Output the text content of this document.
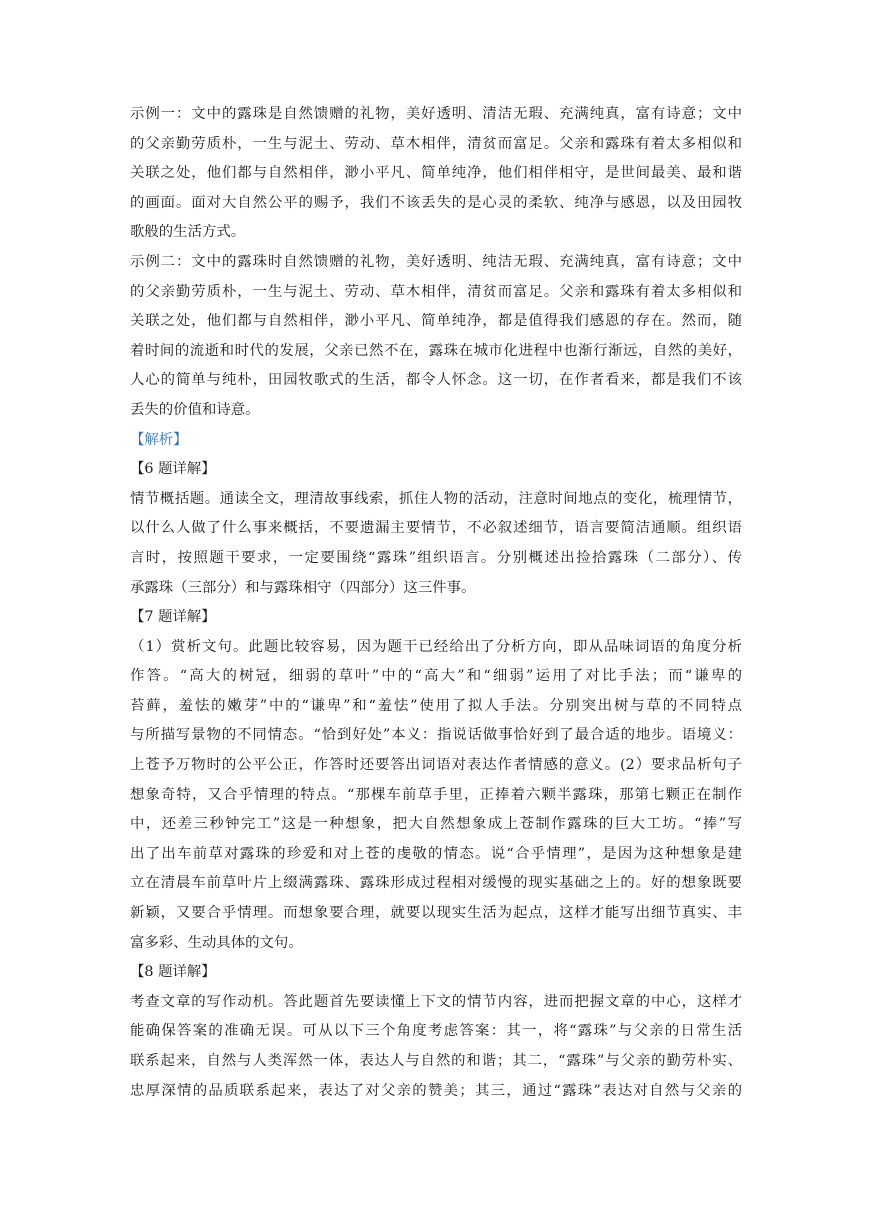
示例一：文中的露珠是自然馈赠的礼物，美好透明、清洁无瑕、充满纯真，富有诗意；文中
的父亲勤劳质朴，一生与泥土、劳动、草木相伴，清贫而富足。父亲和露珠有着太多相似和
关联之处，他们都与自然相伴，渺小平凡、简单纯净，他们相伴相守，是世间最美、最和谐
的画面。面对大自然公平的赐予，我们不该丢失的是心灵的柔软、纯净与感恩，以及田园牧
歌般的生活方式。
示例二：文中的露珠时自然馈赠的礼物，美好透明、纯洁无瑕、充满纯真，富有诗意；文中
的父亲勤劳质朴，一生与泥土、劳动、草木相伴，清贫而富足。父亲和露珠有着太多相似和
关联之处，他们都与自然相伴，渺小平凡、简单纯净，都是值得我们感恩的存在。然而，随
着时间的流逝和时代的发展，父亲已然不在，露珠在城市化进程中也渐行渐远，自然的美好，
人心的简单与纯朴，田园牧歌式的生活，都令人怀念。这一切，在作者看来，都是我们不该
丢失的价值和诗意。
【解析】
【6 题详解】
情节概括题。通读全文，理清故事线索，抓住人物的活动，注意时间地点的变化，梳理情节，
以什么人做了什么事来概括，不要遗漏主要情节，不必叙述细节，语言要简洁通顺。组织语
言时，按照题干要求，一定要围绕“露珠”组织语言。分别概述出捡拾露珠（二部分）、传
承露珠（三部分）和与露珠相守（四部分）这三件事。
【7 题详解】
（1）赏析文句。此题比较容易，因为题干已经给出了分析方向，即从品味词语的角度分析
作答。“高大的树冠，细弱的草叶”中的“高大”和“细弱”运用了对比手法；而“谦卑的
苔藓，羞怯的嫩芽”中的“谦卑”和“羞怯”使用了拟人手法。分别突出树与草的不同特点
与所描写景物的不同情态。“恰到好处”本义：指说话做事恰好到了最合适的地步。语境义：
上苍予万物时的公平公正，作答时还要答出词语对表达作者情感的意义。(2）要求品析句子
想象奇特，又合乎情理的特点。“那棵车前草手里，正捧着六颗半露珠，那第七颗正在制作
中，还差三秒钟完工”这是一种想象，把大自然想象成上苍制作露珠的巨大工坊。“捧”写
出了出车前草对露珠的珍爱和对上苍的虔敬的情态。说“合乎情理”，是因为这种想象是建
立在清晨车前草叶片上缀满露珠、露珠形成过程相对缓慢的现实基础之上的。好的想象既要
新颖，又要合乎情理。而想象要合理，就要以现实生活为起点，这样才能写出细节真实、丰
富多彩、生动具体的文句。
【8 题详解】
考查文章的写作动机。答此题首先要读懂上下文的情节内容，进而把握文章的中心，这样才
能确保答案的准确无误。可从以下三个角度考虑答案：其一，将“露珠”与父亲的日常生活
联系起来，自然与人类浑然一体，表达人与自然的和谐；其二，“露珠”与父亲的勤劳朴实、
忠厚深情的品质联系起来，表达了对父亲的赞美；其三，通过“露珠”表达对自然与父亲的
